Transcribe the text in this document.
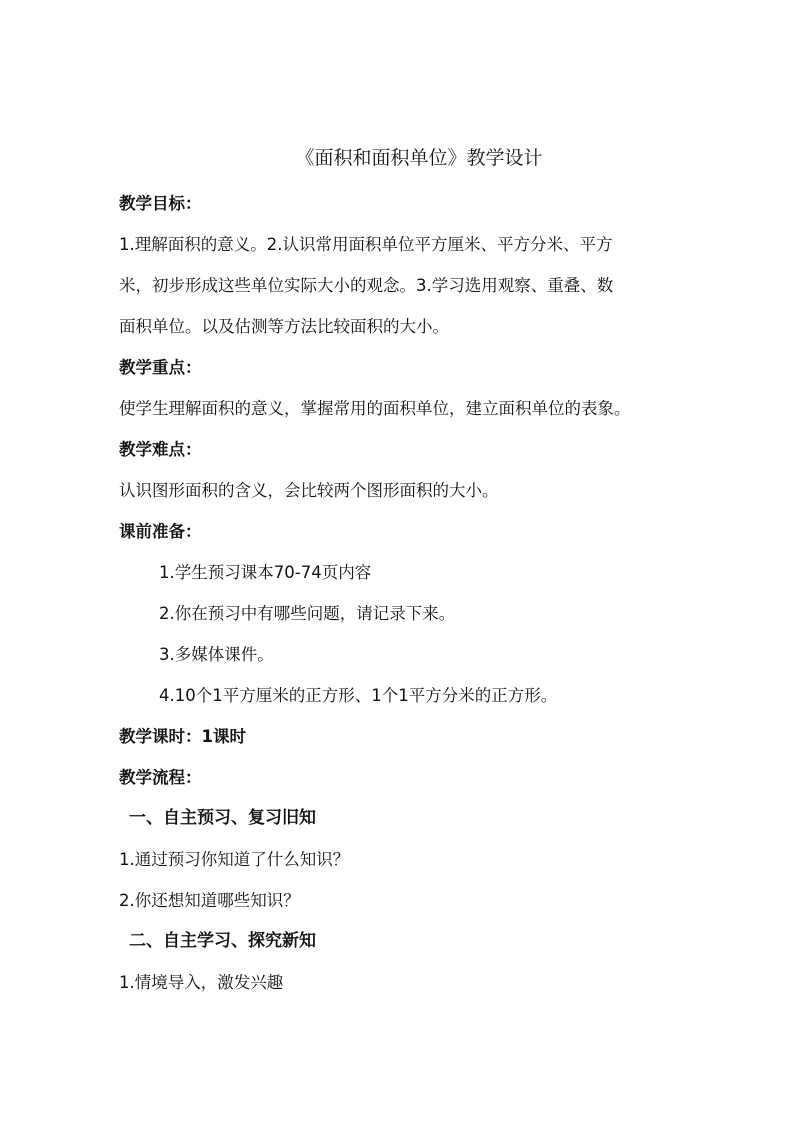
《面积和面积单位》教学设计
教学目标：
1.理解面积的意义。2.认识常用面积单位平方厘米、平方分米、平方
米，初步形成这些单位实际大小的观念。3.学习选用观察、重叠、数
面积单位。以及估测等方法比较面积的大小。
教学重点：
使学生理解面积的意义，掌握常用的面积单位，建立面积单位的表象。
教学难点：
认识图形面积的含义，会比较两个图形面积的大小。
课前准备：
1.学生预习课本70-74页内容
2.你在预习中有哪些问题，请记录下来。
3.多媒体课件。
4.10个1平方厘米的正方形、1个1平方分米的正方形。
教学课时：1课时
教学流程：
一、自主预习、复习旧知
1.通过预习你知道了什么知识？
2.你还想知道哪些知识？
二、自主学习、探究新知
1.情境导入，激发兴趣
